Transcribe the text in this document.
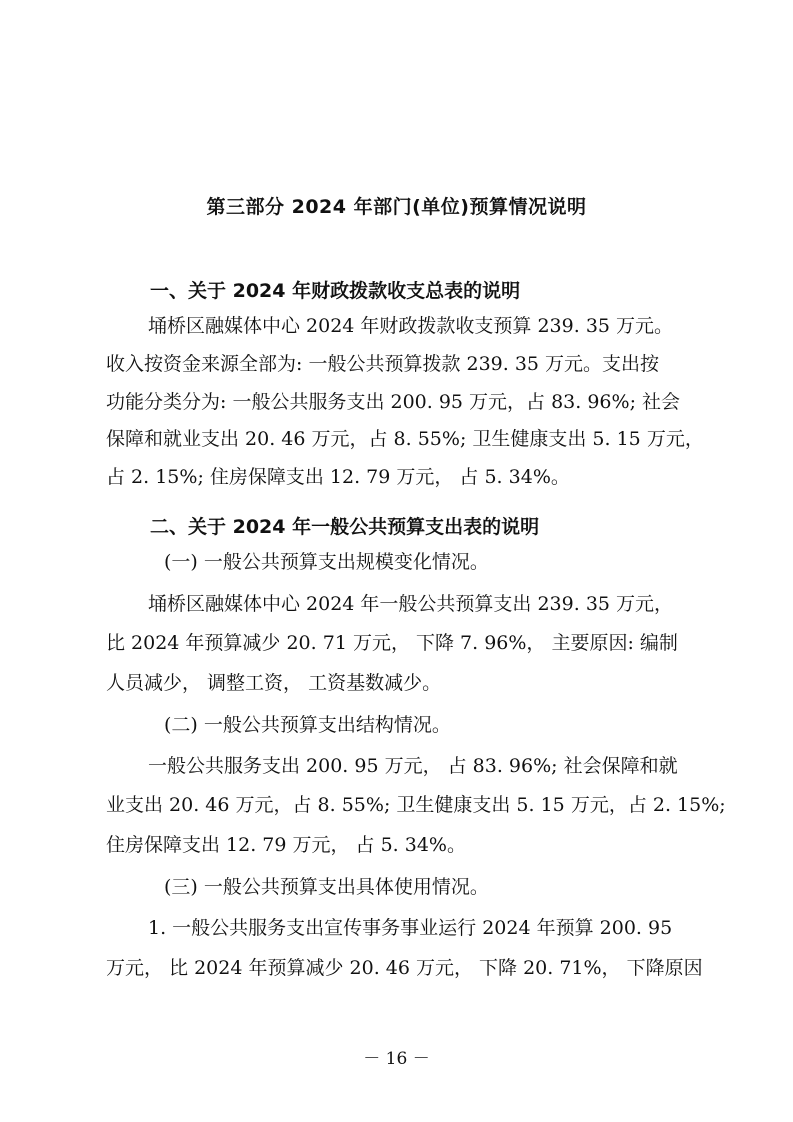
第三部分 2024 年部门(单位)预算情况说明
一、关于 2024 年财政拨款收支总表的说明
埇桥区融媒体中心 2024 年财政拨款收支预算 239. 35 万元。
收入按资金来源全部为: 一般公共预算拨款 239. 35 万元。支出按
功能分类分为: 一般公共服务支出 200. 95 万元，占 83. 96%; 社会
保障和就业支出 20. 46 万元，占 8. 55%; 卫生健康支出 5. 15 万元，
占 2. 15%; 住房保障支出 12. 79 万元， 占 5. 34%。
二、关于 2024 年一般公共预算支出表的说明
(一) 一般公共预算支出规模变化情况。
埇桥区融媒体中心 2024 年一般公共预算支出 239. 35 万元，
比 2024 年预算减少 20. 71 万元， 下降 7. 96%， 主要原因: 编制
人员减少， 调整工资， 工资基数减少。
(二) 一般公共预算支出结构情况。
一般公共服务支出 200. 95 万元， 占 83. 96%; 社会保障和就
业支出 20. 46 万元，占 8. 55%; 卫生健康支出 5. 15 万元，占 2. 15%;
住房保障支出 12. 79 万元， 占 5. 34%。
(三) 一般公共预算支出具体使用情况。
1. 一般公共服务支出宣传事务事业运行 2024 年预算 200. 95
万元， 比 2024 年预算减少 20. 46 万元， 下降 20. 71%， 下降原因
－ 16 －
